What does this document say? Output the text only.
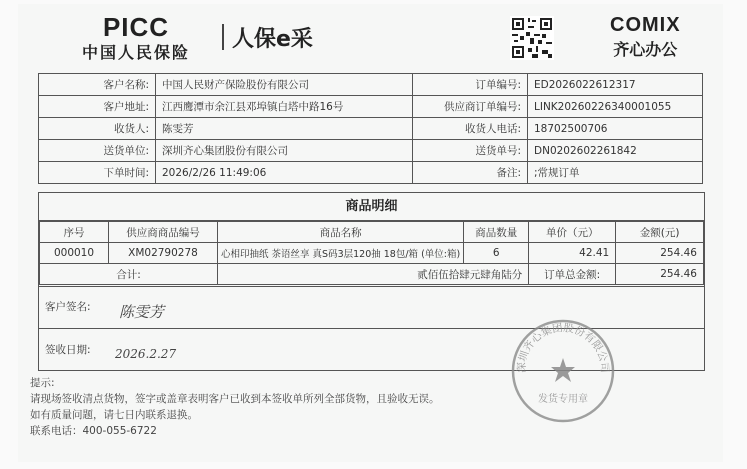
PICC
中国人民保险
人保e采
COMIX
齐心办公
客户名称:	中国人民财产保险股份有限公司	订单编号:	ED2026022612317
客户地址:	江西鹰潭市余江县邓埠镇白塔中路16号	供应商订单编号:	LINK20260226340001055
收货人:	陈雯芳	收货人电话:	18702500706
送货单位:	深圳齐心集团股份有限公司	送货单号:	DN0202602261842
下单时间:	2026/2/26 11:49:06	备注:	;常规订单
商品明细
序号	供应商商品编号	商品名称	商品数量	单价（元）	金额(元)
000010	XM02790278	心相印抽纸 茶语丝享 真S码3层120抽 18包/箱 (单位:箱)	6	42.41	254.46
合计:		贰佰伍拾肆元肆角陆分		订单总金额:	254.46
客户签名: 陈雯芳
签收日期: 2026.2.27
提示:
请现场签收清点货物，签字或盖章表明客户已收到本签收单所列全部货物，且验收无误。
如有质量问题，请七日内联系退换。
联系电话：400-055-6722
深圳齐心集团股份有限公司
发货专用章
